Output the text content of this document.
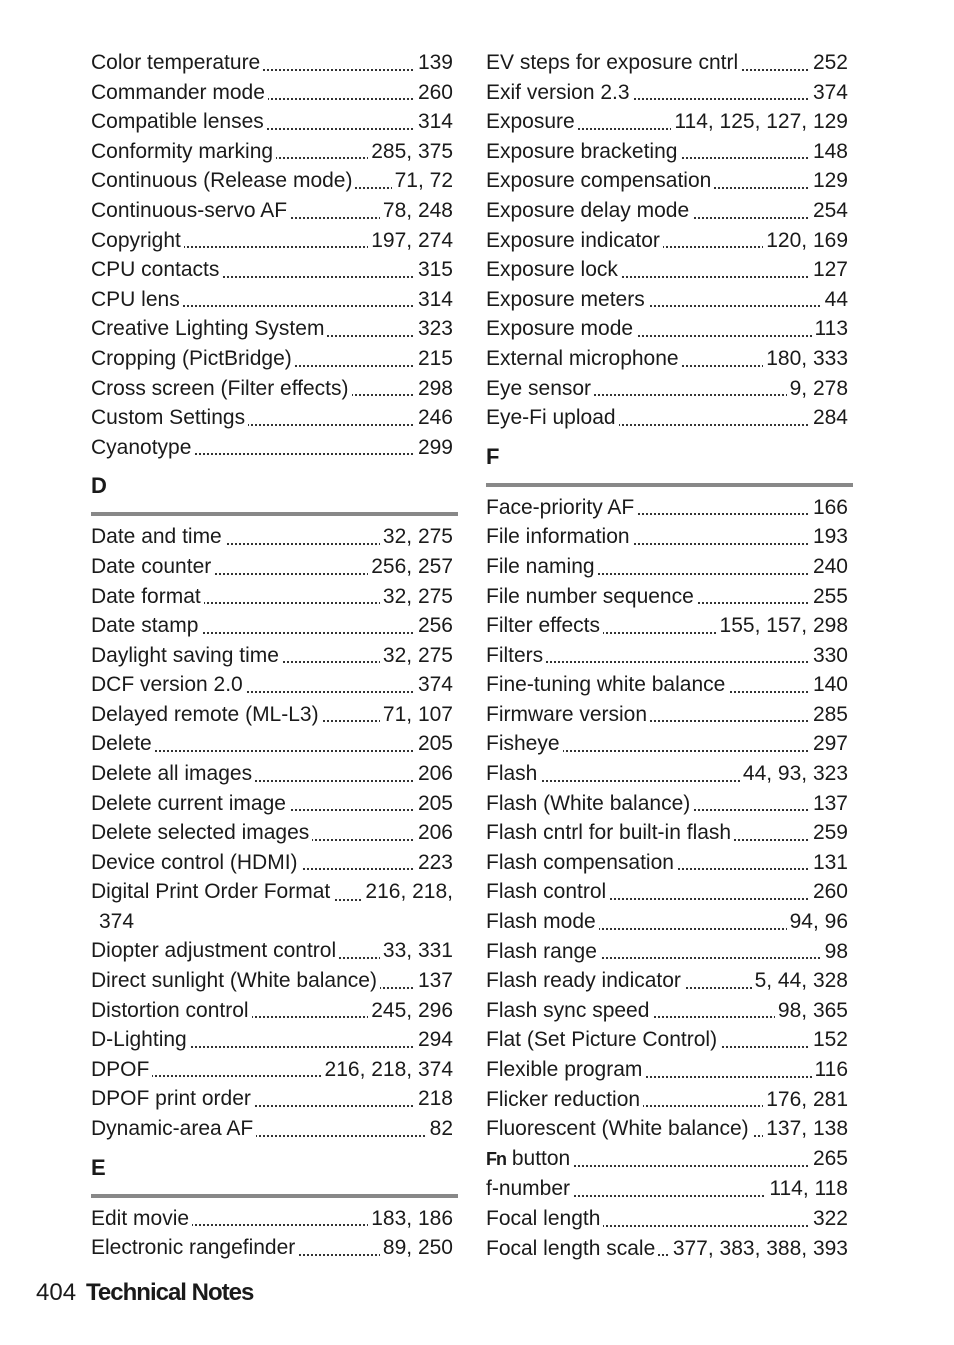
Color temperature	139
Commander mode	260
Compatible lenses	314
Conformity marking	285, 375
Continuous (Release mode) 71, 72
Continuous-servo AF	78, 248
Copyright	197, 274
CPU contacts	315
CPU lens	314
Creative Lighting System	323
Cropping (PictBridge)	215
Cross screen (Filter effects)	298
Custom Settings	246
Cyanotype	299
D
Date and time	32, 275
Date counter	256, 257
Date format	32, 275
Date stamp	256
Daylight saving time	32, 275
DCF version 2.0	374
Delayed remote (ML-L3)	71, 107
Delete	205
Delete all images	206
Delete current image	205
Delete selected images	206
Device control (HDMI)	223
Digital Print Order Format 216, 218,
374
Diopter adjustment control 33, 331
Direct sunlight (White balance) 137
Distortion control	245, 296
D-Lighting	294
DPOF	216, 218, 374
DPOF print order	218
Dynamic-area AF	82
E
Edit movie	183, 186
Electronic rangefinder	89, 250
EV steps for exposure cntrl	252
Exif version 2.3	374
Exposure	114, 125, 127, 129
Exposure bracketing	148
Exposure compensation	129
Exposure delay mode	254
Exposure indicator	120, 169
Exposure lock	127
Exposure meters	44
Exposure mode	113
External microphone	180, 333
Eye sensor	9, 278
Eye-Fi upload	284
F
Face-priority AF	166
File information	193
File naming	240
File number sequence	255
Filter effects	155, 157, 298
Filters	330
Fine-tuning white balance	140
Firmware version	285
Fisheye	297
Flash	44, 93, 323
Flash (White balance)	137
Flash cntrl for built-in flash	259
Flash compensation	131
Flash control	260
Flash mode	94, 96
Flash range	98
Flash ready indicator	5, 44, 328
Flash sync speed	98, 365
Flat (Set Picture Control)	152
Flexible program	116
Flicker reduction	176, 281
Fluorescent (White balance) 137, 138
Fn button	265
f-number	114, 118
Focal length	322
Focal length scale 377, 383, 388, 393
404 Technical Notes
